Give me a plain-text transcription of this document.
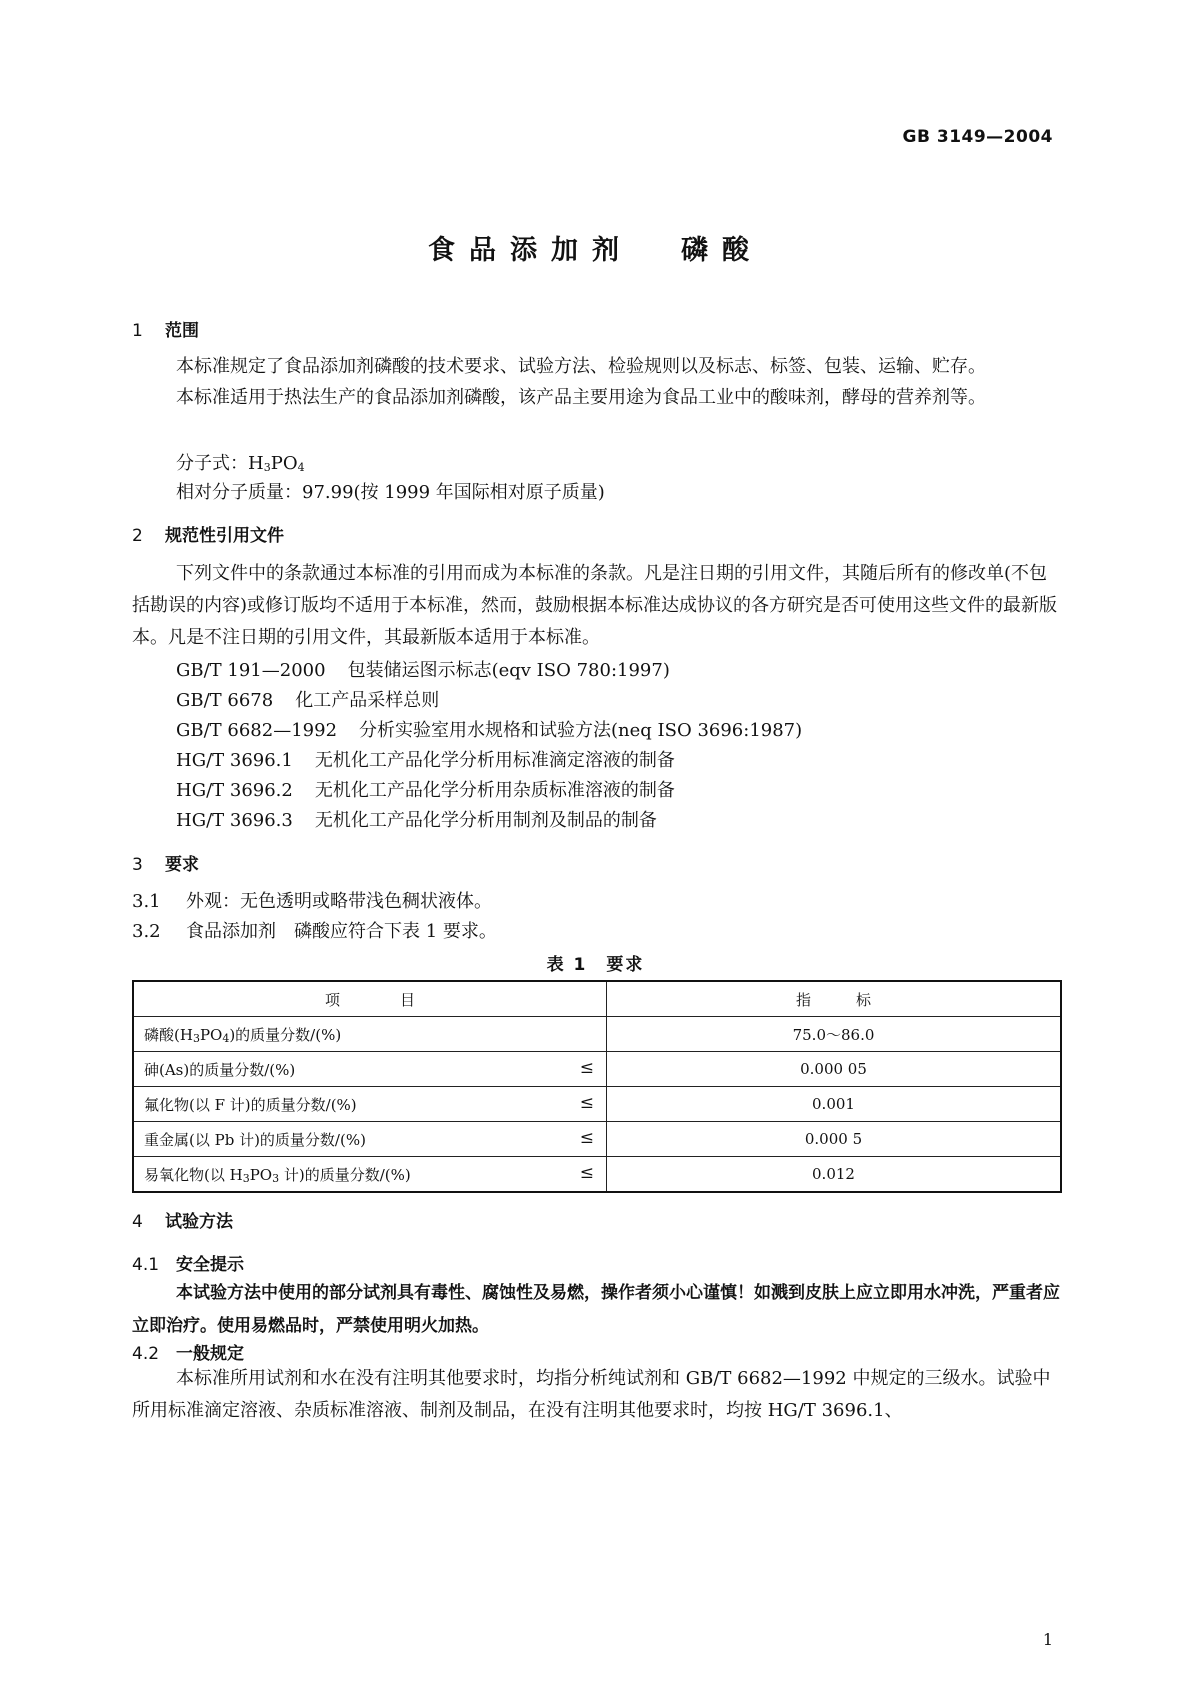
GB 3149—2004
食品添加剂 磷酸
1 范围
本标准规定了食品添加剂磷酸的技术要求、试验方法、检验规则以及标志、标签、包装、运输、贮存。
本标准适用于热法生产的食品添加剂磷酸，该产品主要用途为食品工业中的酸味剂，酵母的营养剂等。
分子式：$H_3PO_4$
相对分子质量：97.99(按 1999 年国际相对原子质量)
2 规范性引用文件
下列文件中的条款通过本标准的引用而成为本标准的条款。凡是注日期的引用文件，其随后所有的修改单(不包括勘误的内容)或修订版均不适用于本标准，然而，鼓励根据本标准达成协议的各方研究是否可使用这些文件的最新版本。凡是不注日期的引用文件，其最新版本适用于本标准。
GB/T 191—2000 包装储运图示标志(eqv ISO 780:1997)
GB/T 6678 化工产品采样总则
GB/T 6682—1992 分析实验室用水规格和试验方法(neq ISO 3696:1987)
HG/T 3696.1 无机化工产品化学分析用标准滴定溶液的制备
HG/T 3696.2 无机化工产品化学分析用杂质标准溶液的制备
HG/T 3696.3 无机化工产品化学分析用制剂及制品的制备
3 要求
3.1 外观：无色透明或略带浅色稠状液体。
3.2 食品添加剂　磷酸应符合下表 1 要求。
表 1　要求
项　　　　目	指　　　标
磷酸$(H_3PO_4)$的质量分数/(%)	75.0～86.0
砷(As)的质量分数/(%) ≤	0.000 05
氟化物(以 F 计)的质量分数/(%) ≤	0.001
重金属(以 Pb 计)的质量分数/(%) ≤	0.000 5
易氧化物(以 $H_3PO_3$ 计)的质量分数/(%) ≤	0.012
4 试验方法
4.1 安全提示
本试验方法中使用的部分试剂具有毒性、腐蚀性及易燃，操作者须小心谨慎！如溅到皮肤上应立即用水冲洗，严重者应立即治疗。使用易燃品时，严禁使用明火加热。
4.2 一般规定
本标准所用试剂和水在没有注明其他要求时，均指分析纯试剂和 GB/T 6682—1992 中规定的三级水。试验中所用标准滴定溶液、杂质标准溶液、制剂及制品，在没有注明其他要求时，均按 HG/T 3696.1、
1
